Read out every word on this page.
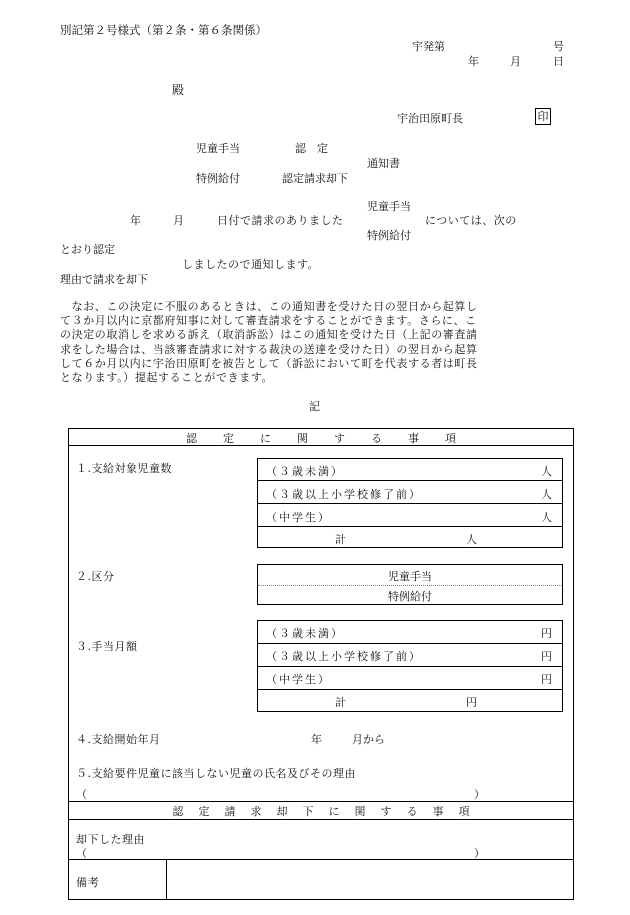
別記第２号様式（第２条・第６条関係）
宇発第	号
年	月	日
殿
宇治田原町長	印
児童手当	認　定
通知書
特例給付	認定請求却下
児童手当
年	月	日付で請求のありました	については、次の
特例給付
とおり認定
しましたので通知します。
理由で請求を却下
　なお、この決定に不服のあるときは、この通知書を受けた日の翌日から起算し
て３か月以内に京都府知事に対して審査請求をすることができます。さらに、こ
の決定の取消しを求める訴え（取消訴訟）はこの通知を受けた日（上記の審査請
求をした場合は、当該審査請求に対する裁決の送達を受けた日）の翌日から起算
して６か月以内に宇治田原町を被告として（訴訟において町を代表する者は町長
となります。）提起することができます。
記
認定に関する事項
１.支給対象児童数	（３歳未満）	人
（３歳以上小学校修了前）	人
（中学生）	人
計	人
２.区分	児童手当
特例給付
３.手当月額
（３歳未満）	円
（３歳以上小学校修了前）	円
（中学生）	円
計	円
４.支給開始年月	年	月から
５.支給要件児童に該当しない児童の氏名及びその理由
（	）
認定請求却下に関する事項
却下した理由
（	）
備考
